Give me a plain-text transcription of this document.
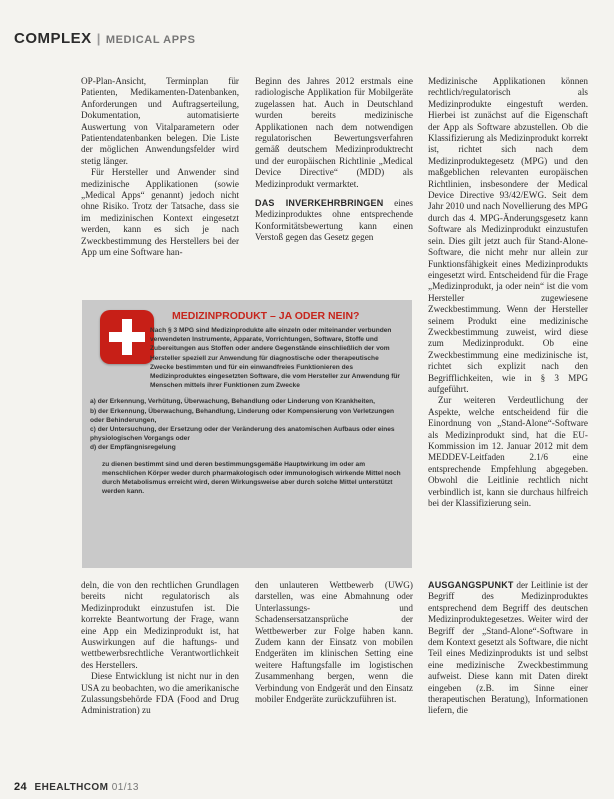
COMPLEX | MEDICAL APPS

OP-Plan-Ansicht, Terminplan für Patienten, Medikamenten-Datenbanken, Anforderungen und Auftragserteilung, Dokumentation, automatisierte Auswertung von Vitalparametern oder Patientendatenbanken belegen. Die Liste der möglichen Anwendungsfelder wird stetig länger.

Für Hersteller und Anwender sind medizinische Applikationen (sowie „Medical Apps“ genannt) jedoch nicht ohne Risiko. Trotz der Tatsache, dass sie im medizinischen Kontext eingesetzt werden, kann es sich je nach Zweckbestimmung des Herstellers bei der App um eine Software han-

Beginn des Jahres 2012 erstmals eine radiologische Applikation für Mobilgeräte zugelassen hat. Auch in Deutschland wurden bereits medizinische Applikationen nach dem notwendigen regulatorischen Bewertungsverfahren gemäß deutschem Medizinproduktrecht und der europäischen Richtlinie „Medical Device Directive“ (MDD) als Medizinprodukt vermarktet.

DAS INVERKEHRBRINGEN eines Medizinproduktes ohne entsprechende Konformitätsbewertung kann einen Verstoß gegen das Gesetz gegen

Medizinische Applikationen können rechtlich/regulatorisch als Medizinprodukte eingestuft werden. Hierbei ist zunächst auf die Eigenschaft der App als Software abzustellen. Ob die Klassifizierung als Medizinprodukt korrekt ist, richtet sich nach dem Medizinproduktegesetz (MPG) und den maßgeblichen relevanten europäischen Richtlinien, insbesondere der Medical Device Directive 93/42/EWG. Seit dem Jahr 2010 und nach Novellierung des MPG durch das 4. MPG-Änderungsgesetz kann Software als Medizinprodukt einzustufen sein. Dies gilt jetzt auch für Stand-Alone-Software, die nicht mehr nur allein zur Funktionsfähigkeit eines Medizinprodukts eingesetzt wird. Entscheidend für die Frage „Medizinprodukt, ja oder nein“ ist die vom Hersteller zugewiesene Zweckbestimmung. Wenn der Hersteller seinem Produkt eine medizinische Zweckbestimmung zuweist, wird diese zum Medizinprodukt. Ob eine Zweckbestimmung eine medizinische ist, richtet sich explizit nach den Begrifflichkeiten, wie in § 3 MPG aufgeführt.

Zur weiteren Verdeutlichung der Aspekte, welche entscheidend für die Einordnung von „Stand-Alone“-Software als Medizinprodukt sind, hat die EU-Kommission im 12. Januar 2012 mit dem MEDDEV-Leitfaden 2.1/6 eine entsprechende Empfehlung abgegeben. Obwohl die Leitlinie rechtlich nicht verbindlich ist, kann sie durchaus hilfreich bei der Klassifizierung sein.

MEDIZINPRODUKT – JA ODER NEIN?
Nach § 3 MPG sind Medizinprodukte alle einzeln oder miteinander verbunden verwendeten Instrumente, Apparate, Vorrichtungen, Software, Stoffe und Zubereitungen aus Stoffen oder andere Gegenstände einschließlich der vom Hersteller speziell zur Anwendung für diagnostische oder therapeutische Zwecke bestimmten und für ein einwandfreies Funktionieren des Medizinproduktes eingesetzten Software, die vom Hersteller zur Anwendung für Menschen mittels ihrer Funktionen zum Zwecke
a) der Erkennung, Verhütung, Überwachung, Behandlung oder Linderung von Krankheiten,
b) der Erkennung, Überwachung, Behandlung, Linderung oder Kompensierung von Verletzungen oder Behinderungen,
c) der Untersuchung, der Ersetzung oder der Veränderung des anatomischen Aufbaus oder eines physiologischen Vorgangs oder
d) der Empfängnisregelung
zu dienen bestimmt sind und deren bestimmungsgemäße Hauptwirkung im oder am menschlichen Körper weder durch pharmakologisch oder immunologisch wirkende Mittel noch durch Metabolismus erreicht wird, deren Wirkungsweise aber durch solche Mittel unterstützt werden kann.

deln, die von den rechtlichen Grundlagen bereits nicht regulatorisch als Medizinprodukt einzustufen ist. Die korrekte Beantwortung der Frage, wann eine App ein Medizinprodukt ist, hat Auswirkungen auf die haftungs- und wettbewerbsrechtliche Verantwortlichkeit des Herstellers.

Diese Entwicklung ist nicht nur in den USA zu beobachten, wo die amerikanische Zulassungsbehörde FDA (Food and Drug Administration) zu

den unlauteren Wettbewerb (UWG) darstellen, was eine Abmahnung oder Unterlassungs- und Schadensersatzansprüche der Wettbewerber zur Folge haben kann. Zudem kann der Einsatz von mobilen Endgeräten im klinischen Setting eine weitere Haftungsfalle im logistischen Zusammenhang bergen, wenn die Verbindung von Endgerät und den Einsatz mobiler Endgeräte zurückzuführen ist.

AUSGANGSPUNKT der Leitlinie ist der Begriff des Medizinproduktes entsprechend dem Begriff des deutschen Medizinproduktegesetzes. Weiter wird der Begriff der „Stand-Alone“-Software in dem Kontext gesetzt als Software, die nicht Teil eines Medizinprodukts ist und selbst eine medizinische Zweckbestimmung aufweist. Diese kann mit Daten direkt eingeben (z.B. im Sinne einer therapeutischen Beratung), Informationen liefern, die

24 EHEALTHCOM 01/13
